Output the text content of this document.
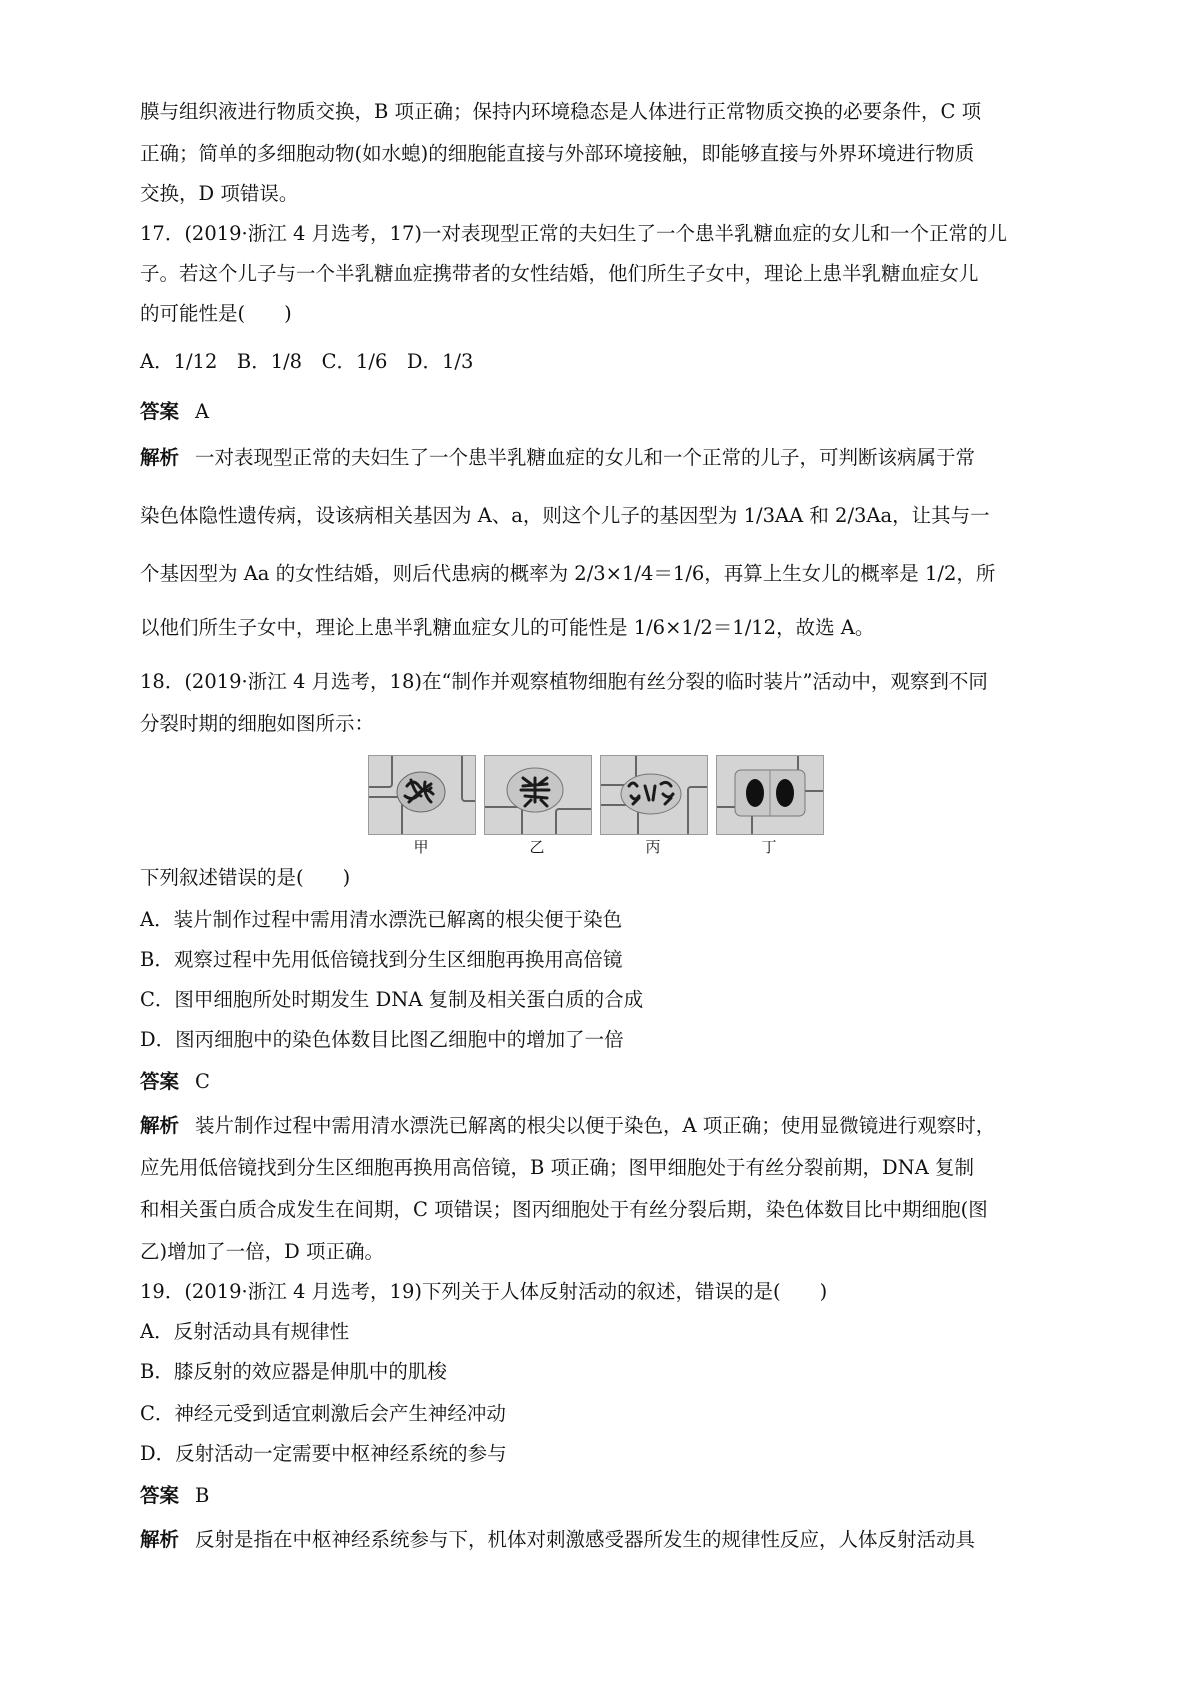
膜与组织液进行物质交换，B 项正确；保持内环境稳态是人体进行正常物质交换的必要条件，C 项
正确；简单的多细胞动物(如水螅)的细胞能直接与外部环境接触，即能够直接与外界环境进行物质
交换，D 项错误。
17．(2019·浙江 4 月选考，17)一对表现型正常的夫妇生了一个患半乳糖血症的女儿和一个正常的儿
子。若这个儿子与一个半乳糖血症携带者的女性结婚，他们所生子女中，理论上患半乳糖血症女儿
的可能性是(　　)
A．1/12　B．1/8　C．1/6　D．1/3
答案 A
解析 一对表现型正常的夫妇生了一个患半乳糖血症的女儿和一个正常的儿子，可判断该病属于常
染色体隐性遗传病，设该病相关基因为 A、a，则这个儿子的基因型为 1/3AA 和 2/3Aa，让其与一
个基因型为 Aa 的女性结婚，则后代患病的概率为 2/3×1/4＝1/6，再算上生女儿的概率是 1/2，所
以他们所生子女中，理论上患半乳糖血症女儿的可能性是 1/6×1/2＝1/12，故选 A。
18．(2019·浙江 4 月选考，18)在“制作并观察植物细胞有丝分裂的临时装片”活动中，观察到不同
分裂时期的细胞如图所示：
甲	乙	丙	丁
下列叙述错误的是(　　)
A．装片制作过程中需用清水漂洗已解离的根尖便于染色
B．观察过程中先用低倍镜找到分生区细胞再换用高倍镜
C．图甲细胞所处时期发生 DNA 复制及相关蛋白质的合成
D．图丙细胞中的染色体数目比图乙细胞中的增加了一倍
答案 C
解析 装片制作过程中需用清水漂洗已解离的根尖以便于染色，A 项正确；使用显微镜进行观察时，
应先用低倍镜找到分生区细胞再换用高倍镜，B 项正确；图甲细胞处于有丝分裂前期，DNA 复制
和相关蛋白质合成发生在间期，C 项错误；图丙细胞处于有丝分裂后期，染色体数目比中期细胞(图
乙)增加了一倍，D 项正确。
19．(2019·浙江 4 月选考，19)下列关于人体反射活动的叙述，错误的是(　　)
A．反射活动具有规律性
B．膝反射的效应器是伸肌中的肌梭
C．神经元受到适宜刺激后会产生神经冲动
D．反射活动一定需要中枢神经系统的参与
答案 B
解析 反射是指在中枢神经系统参与下，机体对刺激感受器所发生的规律性反应，人体反射活动具
